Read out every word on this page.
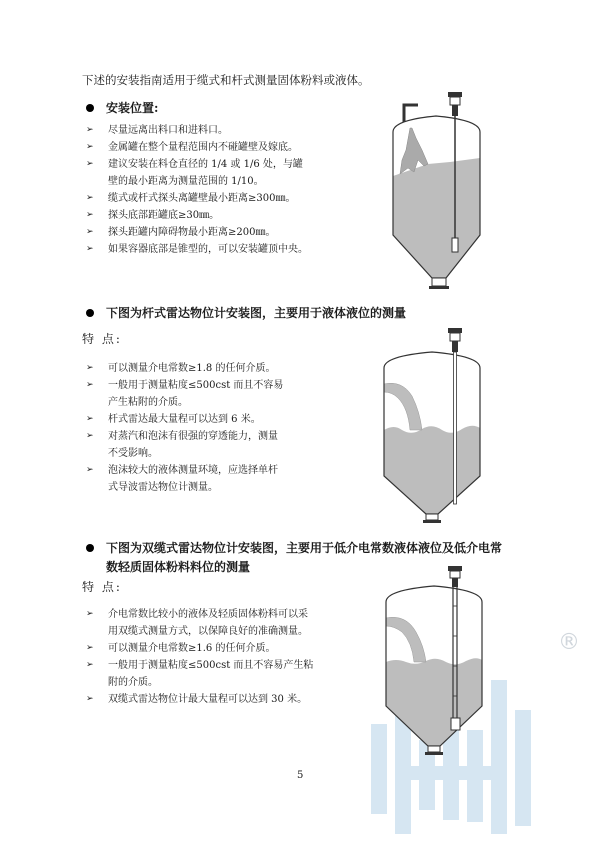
下述的安装指南适用于缆式和杆式测量固体粉料或液体。
安装位置:
➢ 尽量远离出料口和进料口。
➢ 金属罐在整个量程范围内不碰罐壁及嫁底。
➢ 建议安装在料仓直径的 1/4 或 1/6 处，与罐
壁的最小距离为测量范围的 1/10。
➢ 缆式或杆式探头离罐壁最小距离≥300㎜。
➢ 探头底部距罐底≥30㎜。
➢ 探头距罐内障碍物最小距离≥200㎜。
➢ 如果容器底部是锥型的，可以安装罐顶中央。
下图为杆式雷达物位计安装图，主要用于液体液位的测量
特 点:
➢ 可以测量介电常数≥1.8 的任何介质。
➢ 一般用于测量粘度≤500cst 而且不容易
产生粘附的介质。
➢ 杆式雷达最大量程可以达到 6 米。
➢ 对蒸汽和泡沫有很强的穿透能力，测量
不受影响。
➢ 泡沫较大的液体测量环境，应选择单杆
式导波雷达物位计测量。
下图为双缆式雷达物位计安装图，主要用于低介电常数液体液位及低介电常
数轻质固体粉料料位的测量
特 点:
➢ 介电常数比较小的液体及轻质固体粉料可以采
用双缆式测量方式，以保障良好的准确测量。
➢ 可以测量介电常数≥1.6 的任何介质。
➢ 一般用于测量粘度≤500cst 而且不容易产生粘
附的介质。
➢ 双缆式雷达物位计最大量程可以达到 30 米。
®
5
